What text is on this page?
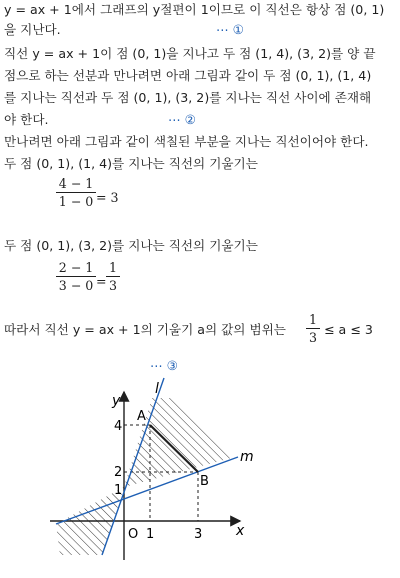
y = ax + 1에서 그래프의 y절편이 1이므로 이 직선은 항상 점 (0, 1)
을 지난다.	⋯ ①
직선 y = ax + 1이 점 (0, 1)을 지나고 두 점 (1, 4), (3, 2)를 양 끝
점으로 하는 선분과 만나려면 아래 그림과 같이 두 점 (0, 1), (1, 4)
를 지나는 직선과 두 점 (0, 1), (3, 2)를 지나는 직선 사이에 존재해
야 한다.	⋯ ②
만나려면 아래 그림과 같이 색칠된 부분을 지나는 직선이어야 한다.
두 점 (0, 1), (1, 4)를 지나는 직선의 기울기는
4 − 1
1 − 0 = 3
두 점 (0, 1), (3, 2)를 지나는 직선의 기울기는
2 − 1
3 − 0 =
1
3
따라서 직선 y = ax + 1의 기울기 a의 값의 범위는
1
3
≤ a ≤ 3
⋯ ③
y
x
O
l
m
A
B
1	3
1
2
4
